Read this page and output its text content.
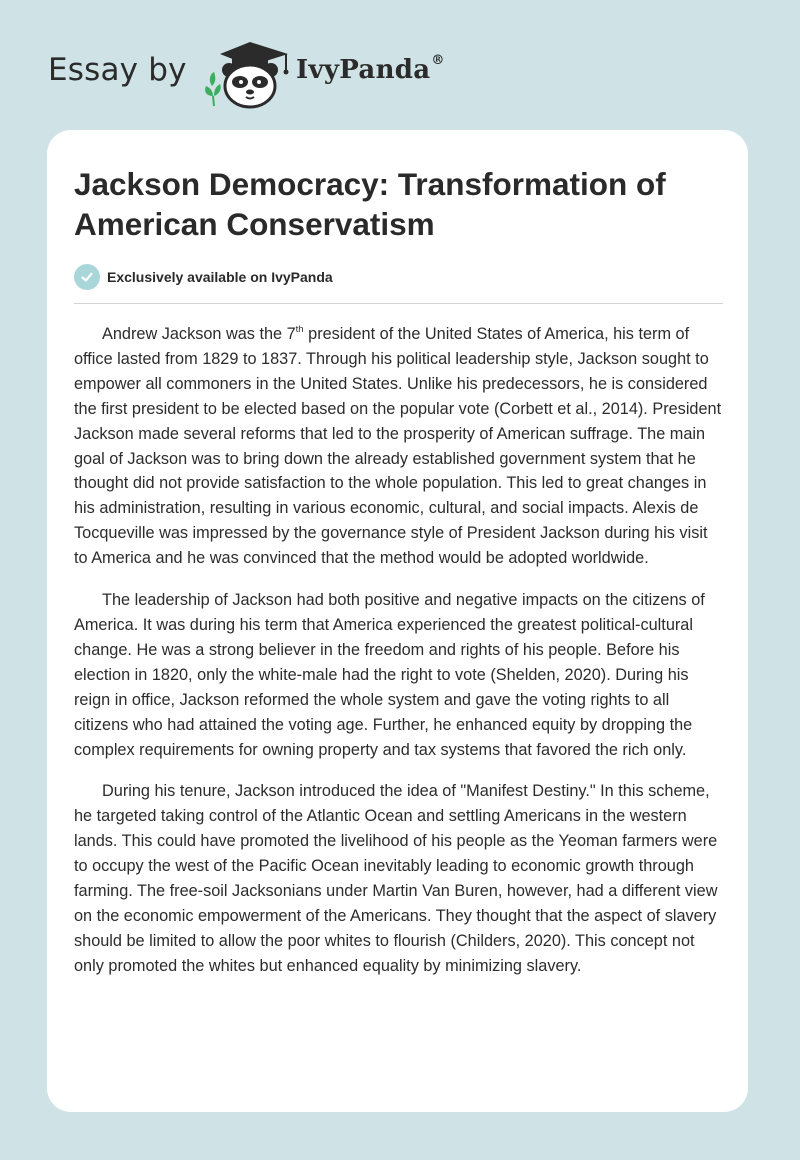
Essay by	IvyPanda®
Jackson Democracy: Transformation of American Conservatism
Exclusively available on IvyPanda

Andrew Jackson was the 7th president of the United States of America, his term of office lasted from 1829 to 1837. Through his political leadership style, Jackson sought to empower all commoners in the United States. Unlike his predecessors, he is considered the first president to be elected based on the popular vote (Corbett et al., 2014). President Jackson made several reforms that led to the prosperity of American suffrage. The main goal of Jackson was to bring down the already established government system that he thought did not provide satisfaction to the whole population. This led to great changes in his administration, resulting in various economic, cultural, and social impacts. Alexis de Tocqueville was impressed by the governance style of President Jackson during his visit to America and he was convinced that the method would be adopted worldwide.

The leadership of Jackson had both positive and negative impacts on the citizens of America. It was during his term that America experienced the greatest political-cultural change. He was a strong believer in the freedom and rights of his people. Before his election in 1820, only the white-male had the right to vote (Shelden, 2020). During his reign in office, Jackson reformed the whole system and gave the voting rights to all citizens who had attained the voting age. Further, he enhanced equity by dropping the complex requirements for owning property and tax systems that favored the rich only.

During his tenure, Jackson introduced the idea of "Manifest Destiny." In this scheme, he targeted taking control of the Atlantic Ocean and settling Americans in the western lands. This could have promoted the livelihood of his people as the Yeoman farmers were to occupy the west of the Pacific Ocean inevitably leading to economic growth through farming. The free-soil Jacksonians under Martin Van Buren, however, had a different view on the economic empowerment of the Americans. They thought that the aspect of slavery should be limited to allow the poor whites to flourish (Childers, 2020). This concept not only promoted the whites but enhanced equality by minimizing slavery.
